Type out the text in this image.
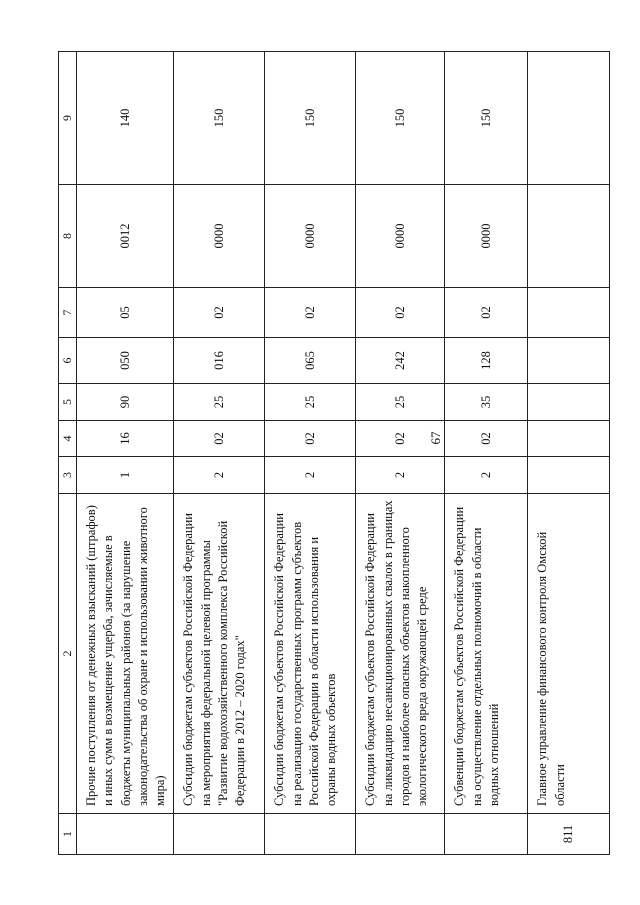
67
1	2	3	4	5	6	7	8	9
	Прочие поступления от денежных взысканий (штрафов) и иных сумм в возмещение ущерба, зачисляемые в бюджеты муниципальных районов (за нарушение законодательства об охране и использовании животного мира)	1	16	90	050	05	0012	140
	Субсидии бюджетам субъектов Российской Федерации на мероприятия федеральной целевой программы "Развитие водохозяйственного комплекса Российской Федерации в 2012 – 2020 годах"	2	02	25	016	02	0000	150
	Субсидии бюджетам субъектов Российской Федерации на реализацию государственных программ субъектов Российской Федерации в области использования и охраны водных объектов	2	02	25	065	02	0000	150
	Субсидии бюджетам субъектов Российской Федерации на ликвидацию несанкционированных свалок в границах городов и наиболее опасных объектов накопленного экологического вреда окружающей среде	2	02	25	242	02	0000	150
	Субвенции бюджетам субъектов Российской Федерации на осуществление отдельных полномочий в области водных отношений	2	02	35	128	02	0000	150
811	Главное управление финансового контроля Омской области							
